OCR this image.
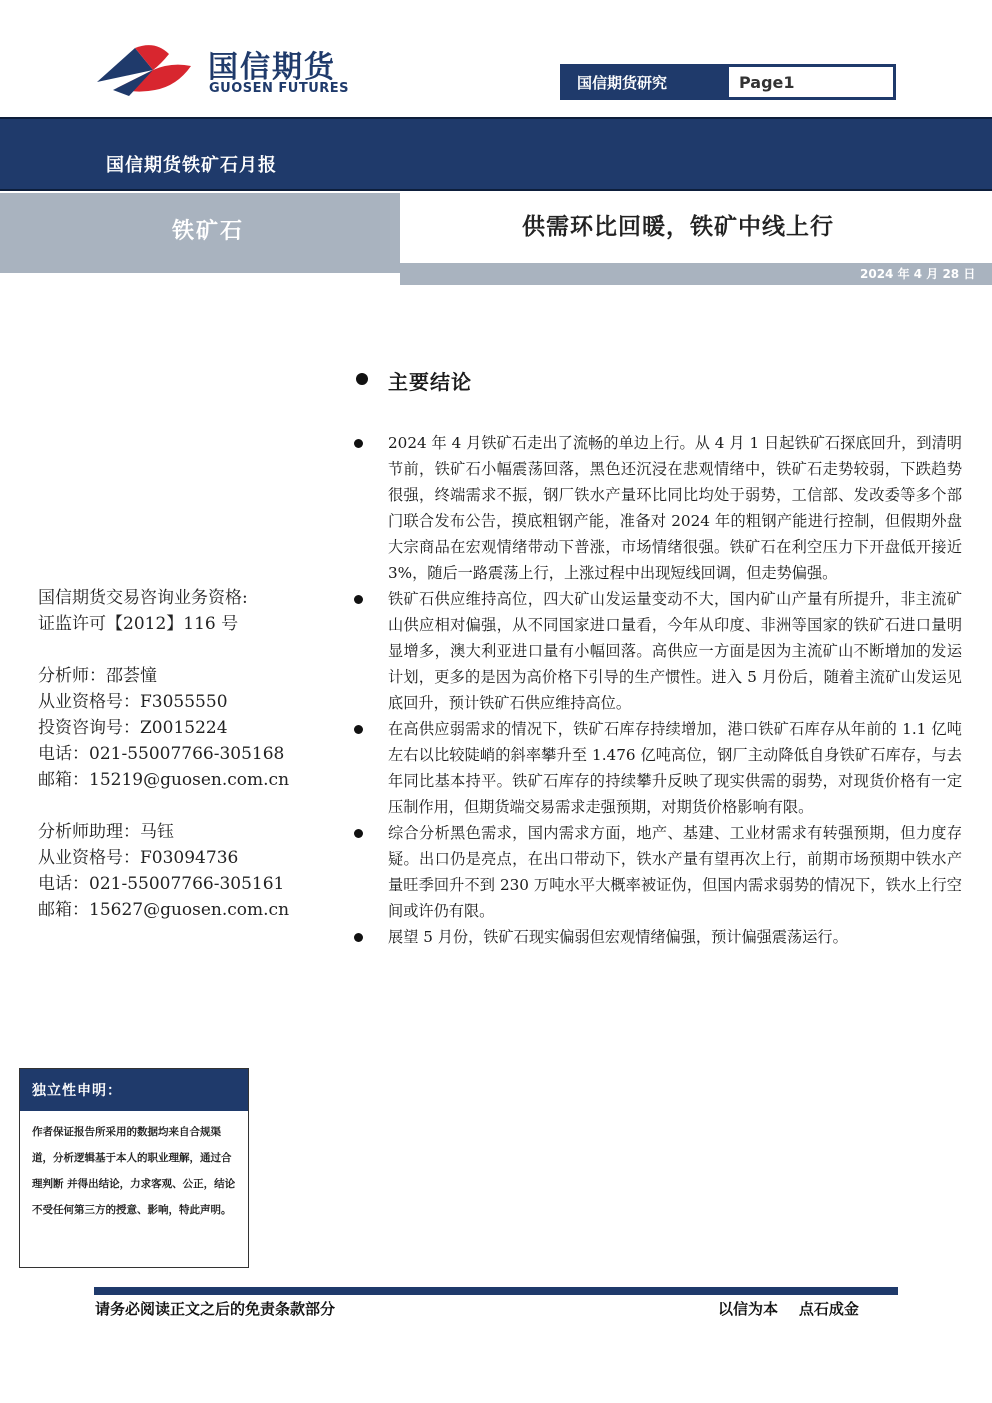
国信期货
GUOSEN FUTURES	国信期货研究	Page 1
国信期货铁矿石月报
铁矿石	供需环比回暖，铁矿中线上行
2024 年 4 月 28 日
主要结论
2024 年 4 月铁矿石走出了流畅的单边上行。从 4 月 1 日起铁矿石探底回升，到清明节前，铁矿石小幅震荡回落，黑色还沉浸在悲观情绪中，铁矿石走势较弱，下跌趋势很强，终端需求不振，钢厂铁水产量环比同比均处于弱势，工信部、发改委等多个部门联合发布公告，摸底粗钢产能，准备对 2024 年的粗钢产能进行控制，但假期外盘大宗商品在宏观情绪带动下普涨，市场情绪很强。铁矿石在利空压力下开盘低开接近 3%，随后一路震荡上行，上涨过程中出现短线回调，但走势偏强。
铁矿石供应维持高位，四大矿山发运量变动不大，国内矿山产量有所提升，非主流矿山供应相对偏强，从不同国家进口量看，今年从印度、非洲等国家的铁矿石进口量明显增多，澳大利亚进口量有小幅回落。高供应一方面是因为主流矿山不断增加的发运计划，更多的是因为高价格下引导的生产惯性。进入 5 月份后，随着主流矿山发运见底回升，预计铁矿石供应维持高位。
在高供应弱需求的情况下，铁矿石库存持续增加，港口铁矿石库存从年前的 1.1 亿吨左右以比较陡峭的斜率攀升至 1.476 亿吨高位，钢厂主动降低自身铁矿石库存，与去年同比基本持平。铁矿石库存的持续攀升反映了现实供需的弱势，对现货价格有一定压制作用，但期货端交易需求走强预期，对期货价格影响有限。
综合分析黑色需求，国内需求方面，地产、基建、工业材需求有转强预期，但力度存疑。出口仍是亮点，在出口带动下，铁水产量有望再次上行，前期市场预期中铁水产量旺季回升不到 230 万吨水平大概率被证伪，但国内需求弱势的情况下，铁水上行空间或许仍有限。
展望 5 月份，铁矿石现实偏弱但宏观情绪偏强，预计偏强震荡运行。
国信期货交易咨询业务资格:
证监许可【2012】116 号
分析师：邵荟憧
从业资格号：F3055550
投资咨询号：Z0015224
电话：021-55007766-305168
邮箱：15219@guosen.com.cn
分析师助理：马钰
从业资格号：F03094736
电话：021-55007766-305161
邮箱：15627@guosen.com.cn
独立性申明：
作者保证报告所采用的数据均来自合规渠道，分析逻辑基于本人的职业理解，通过合理判断 并得出结论，力求客观、公正，结论不受任何第三方的授意、影响，特此声明。
请务必阅读正文之后的免责条款部分	以信为本    点石成金
